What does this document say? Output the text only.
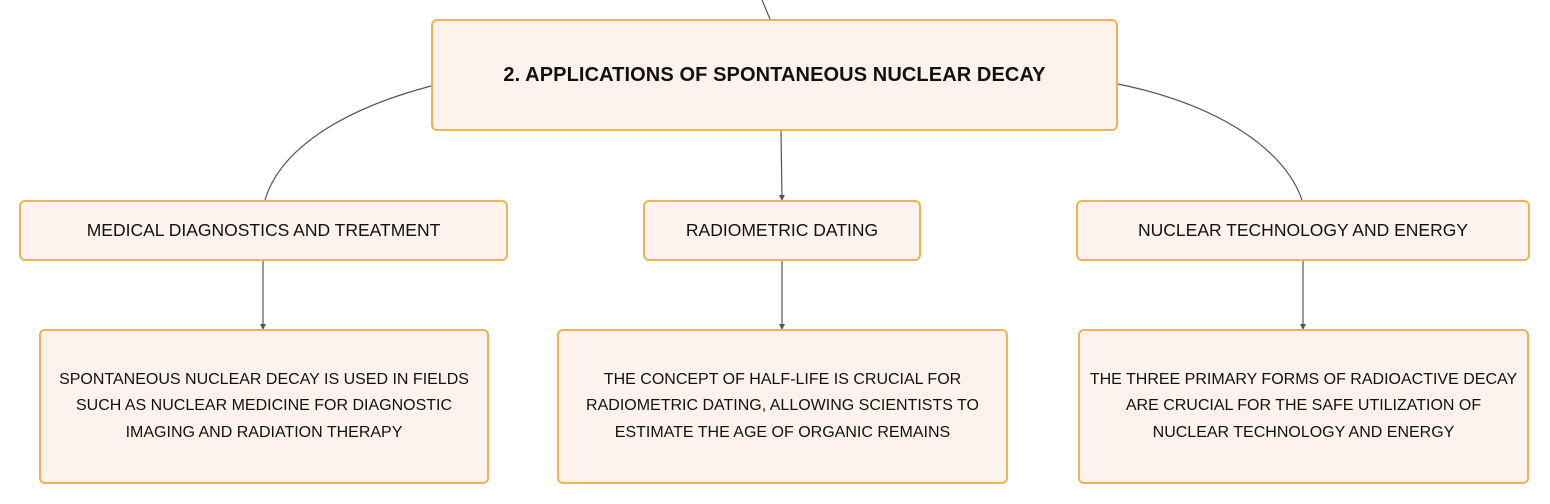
2. APPLICATIONS OF SPONTANEOUS NUCLEAR DECAY
MEDICAL DIAGNOSTICS AND TREATMENT	RADIOMETRIC DATING	NUCLEAR TECHNOLOGY AND ENERGY
SPONTANEOUS NUCLEAR DECAY IS USED IN FIELDS SUCH AS NUCLEAR MEDICINE FOR DIAGNOSTIC IMAGING AND RADIATION THERAPY
THE CONCEPT OF HALF-LIFE IS CRUCIAL FOR RADIOMETRIC DATING, ALLOWING SCIENTISTS TO ESTIMATE THE AGE OF ORGANIC REMAINS
THE THREE PRIMARY FORMS OF RADIOACTIVE DECAY ARE CRUCIAL FOR THE SAFE UTILIZATION OF NUCLEAR TECHNOLOGY AND ENERGY
